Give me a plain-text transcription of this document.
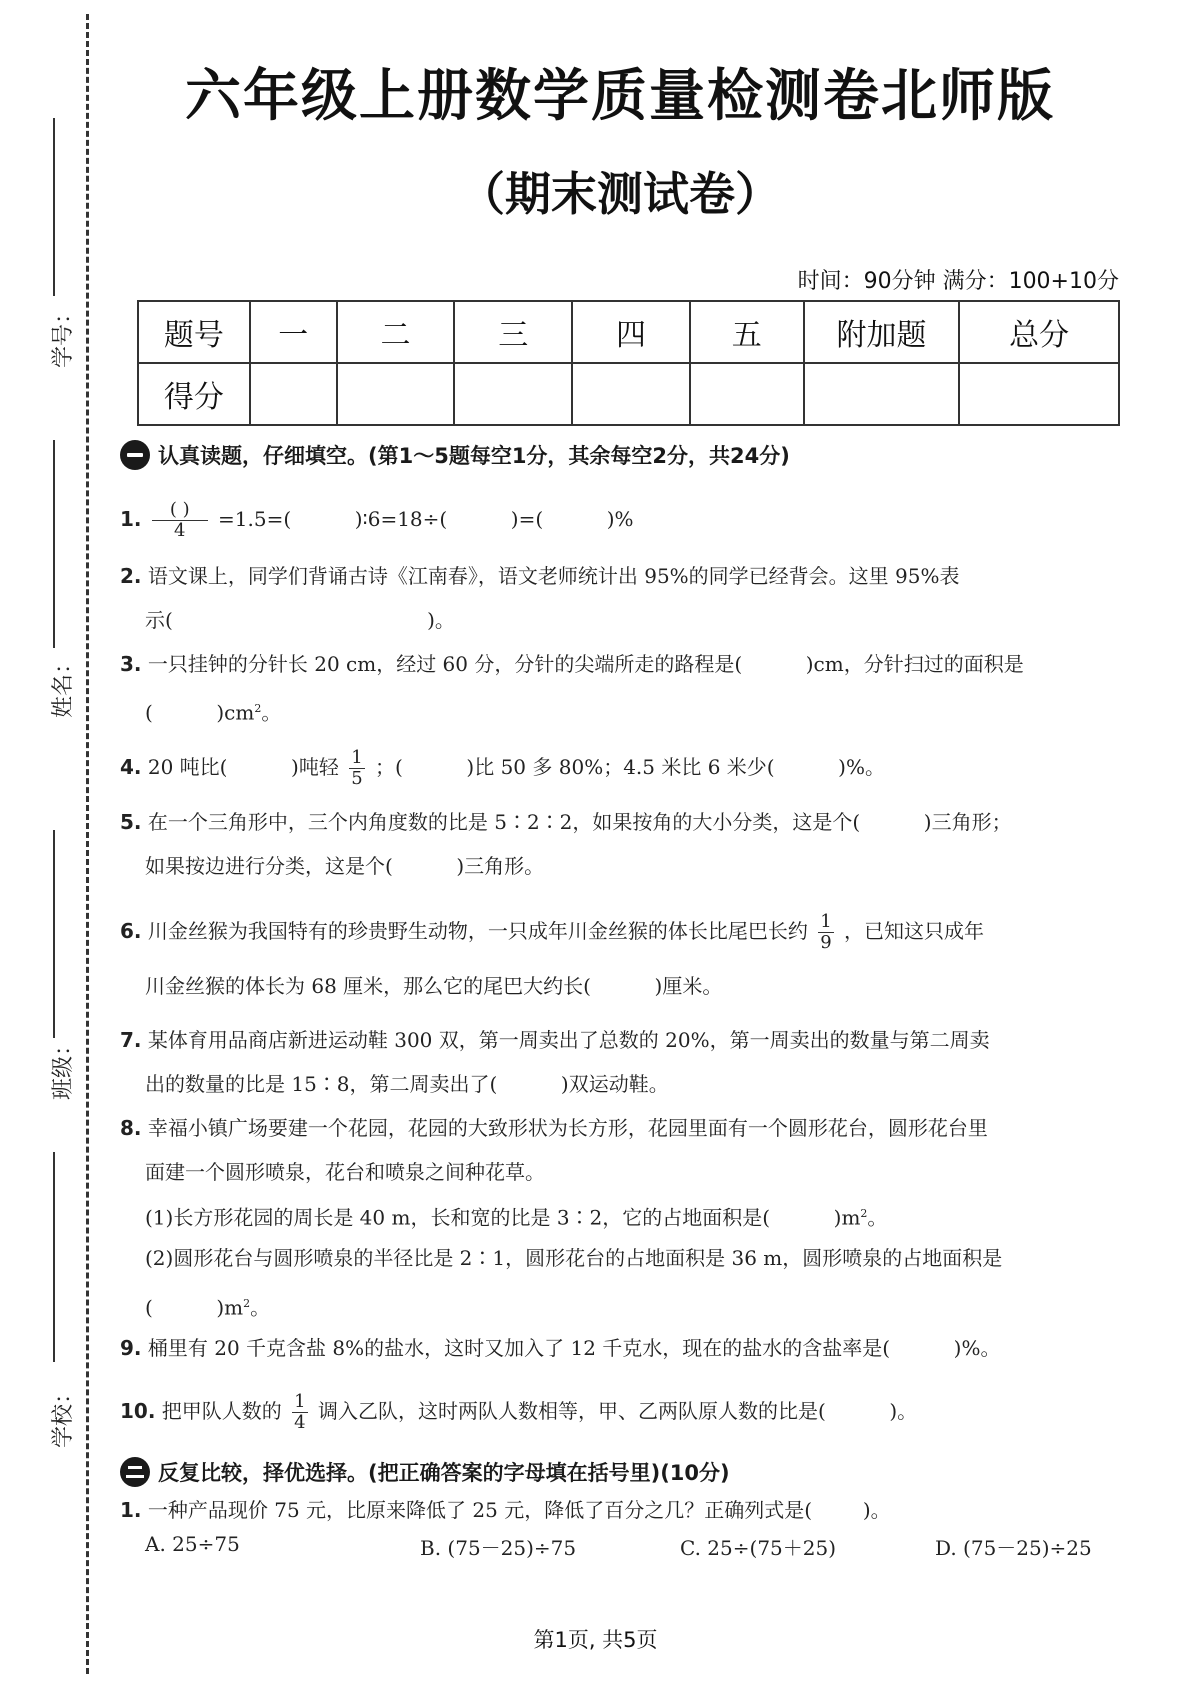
学号：
姓名：
班级：
学校：
六年级上册数学质量检测卷北师版
（期末测试卷）
时间：90分钟 满分：100+10分
题号	一	二	三	四	五	附加题	总分
得分							
认真读题，仔细填空。(第1～5题每空1分，其余每空2分，共24分)
1. $\frac{( )}{4} =1.5=$(          )∶6=18÷(          )=(          )%
2. 语文课上，同学们背诵古诗《江南春》，语文老师统计出 95%的同学已经背会。这里 95%表
示(                                        )。
3. 一只挂钟的分针长 20 cm，经过 60 分，分针的尖端所走的路程是(          )cm，分针扫过的面积是
(          )$cm^2$。
4. 20 吨比(          )吨轻 $\frac{1}{5}$ ；(          )比 50 多 80%；4.5 米比 6 米少(          )%。
5. 在一个三角形中，三个内角度数的比是 5∶2∶2，如果按角的大小分类，这是个(          )三角形；
如果按边进行分类，这是个(          )三角形。
6. 川金丝猴为我国特有的珍贵野生动物，一只成年川金丝猴的体长比尾巴长约 $\frac{1}{9}$ ，已知这只成年
川金丝猴的体长为 68 厘米，那么它的尾巴大约长(          )厘米。
7. 某体育用品商店新进运动鞋 300 双，第一周卖出了总数的 20%，第一周卖出的数量与第二周卖
出的数量的比是 15∶8，第二周卖出了(          )双运动鞋。
8. 幸福小镇广场要建一个花园，花园的大致形状为长方形，花园里面有一个圆形花台，圆形花台里
面建一个圆形喷泉，花台和喷泉之间种花草。
(1)长方形花园的周长是 40 m，长和宽的比是 3∶2，它的占地面积是(          )$m^2$。
(2)圆形花台与圆形喷泉的半径比是 2∶1，圆形花台的占地面积是 36 m，圆形喷泉的占地面积是
(          )$m^2$。
9. 桶里有 20 千克含盐 8%的盐水，这时又加入了 12 千克水，现在的盐水的含盐率是(          )%。
10. 把甲队人数的 $\frac{1}{4}$ 调入乙队，这时两队人数相等，甲、乙两队原人数的比是(          )。
反复比较，择优选择。(把正确答案的字母填在括号里)(10分)
1. 一种产品现价 75 元，比原来降低了 25 元，降低了百分之几？正确列式是(        )。
A. 25÷75	B. (75－25)÷75	C. 25÷(75＋25)	D. (75－25)÷25
第1页, 共5页
